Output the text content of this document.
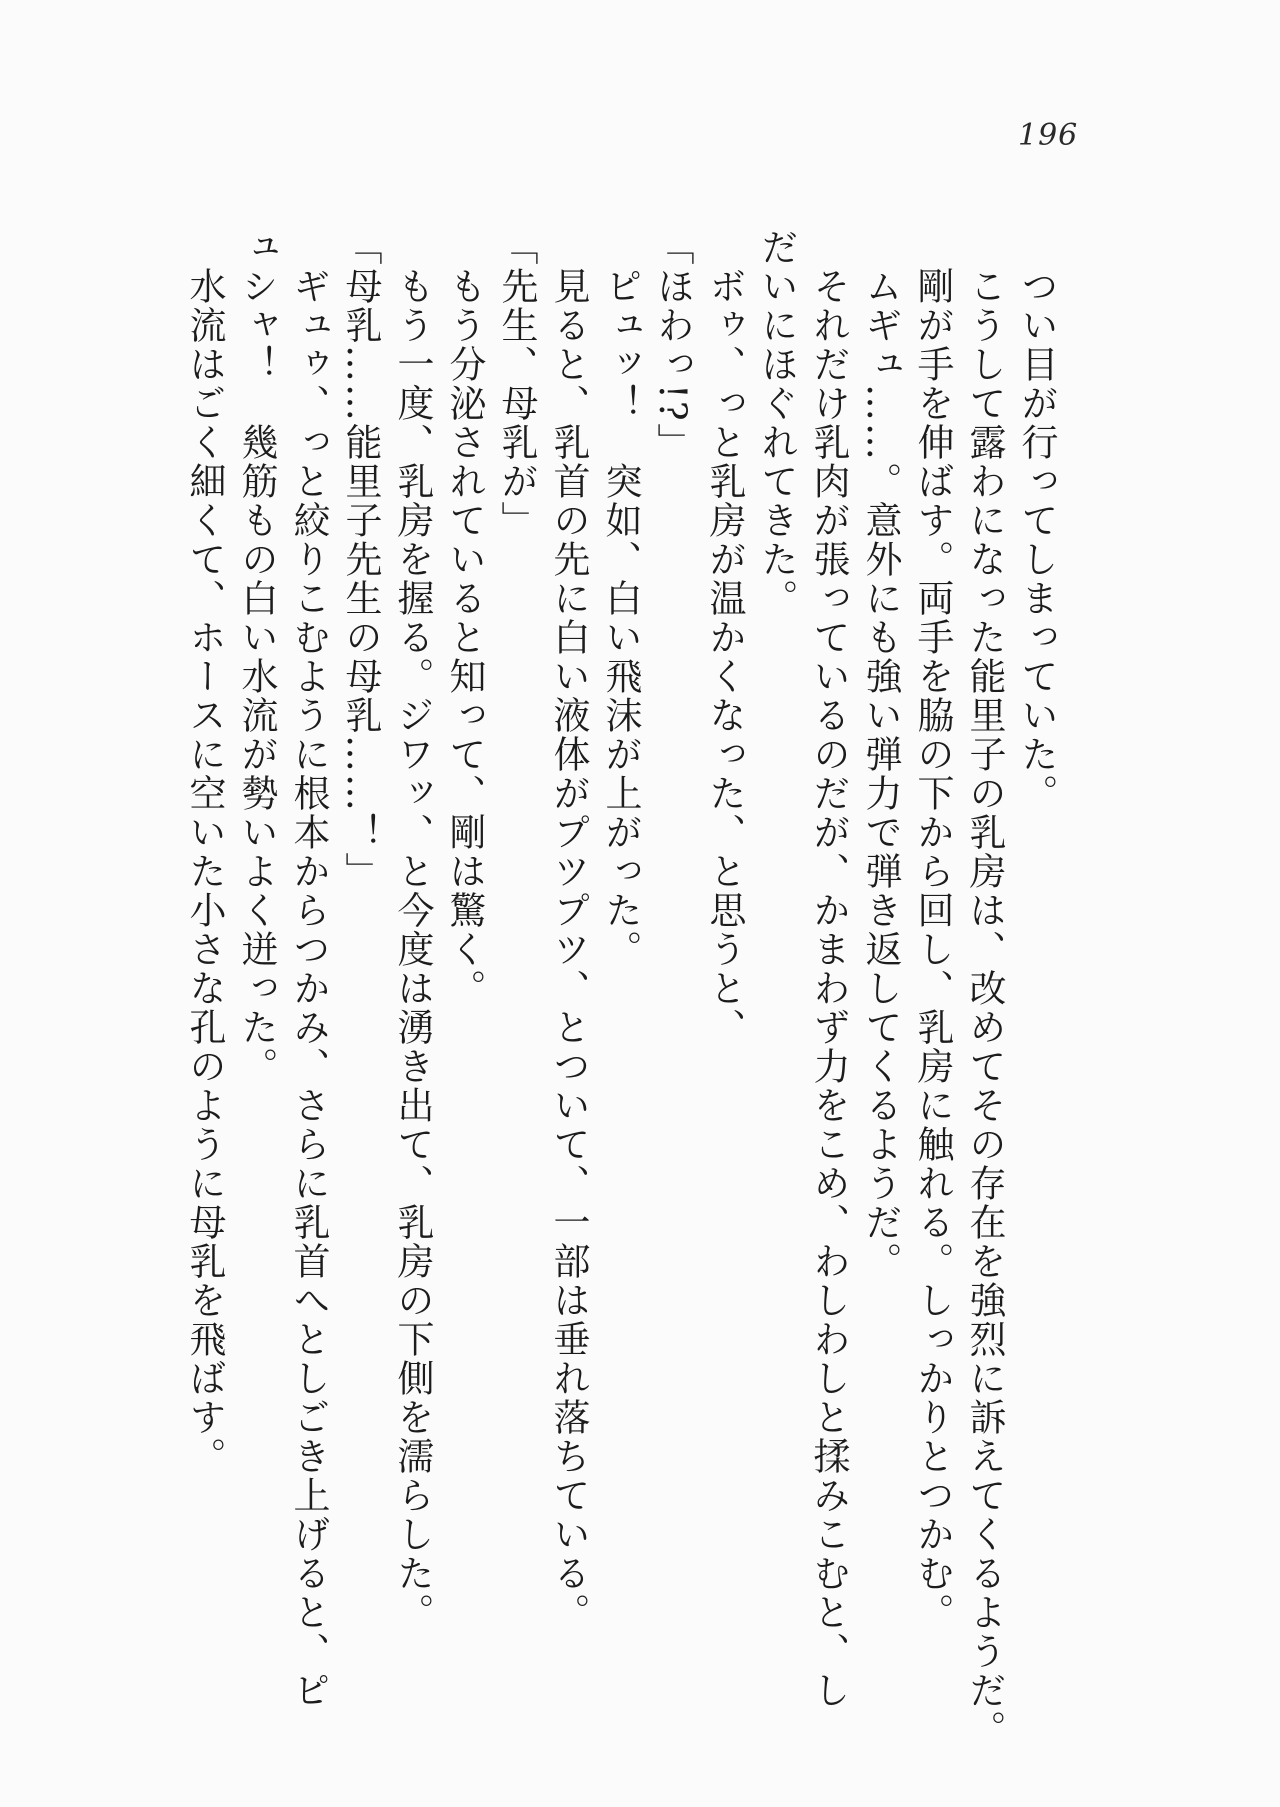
196
　つい目が行ってしまっていた。
　こうして露わになった能里子の乳房は、改めてその存在を強烈に訴えてくるようだ。
　剛が手を伸ばす。両手を脇の下から回し、乳房に触れる。しっかりとつかむ。
　ムギュ……。意外にも強い弾力で弾き返してくるようだ。
　それだけ乳肉が張っているのだが、かまわず力をこめ、わしわしと揉みこむと、し
だいにほぐれてきた。
　ボゥ、っと乳房が温かくなった、と思うと、
「ほわっ!?」
　ピュッ！　突如、白い飛沫が上がった。
　見ると、乳首の先に白い液体がプツプツ、とついて、一部は垂れ落ちている。
「先生、母乳が」
　もう分泌されていると知って、剛は驚く。
　もう一度、乳房を握る。ジワッ、と今度は湧き出て、乳房の下側を濡らした。
「母乳……能里子先生の母乳……！」
　ギュゥ、っと絞りこむように根本からつかみ、さらに乳首へとしごき上げると、ピ
ュシャ！　幾筋もの白い水流が勢いよく迸った。
　水流はごく細くて、ホースに空いた小さな孔のように母乳を飛ばす。
